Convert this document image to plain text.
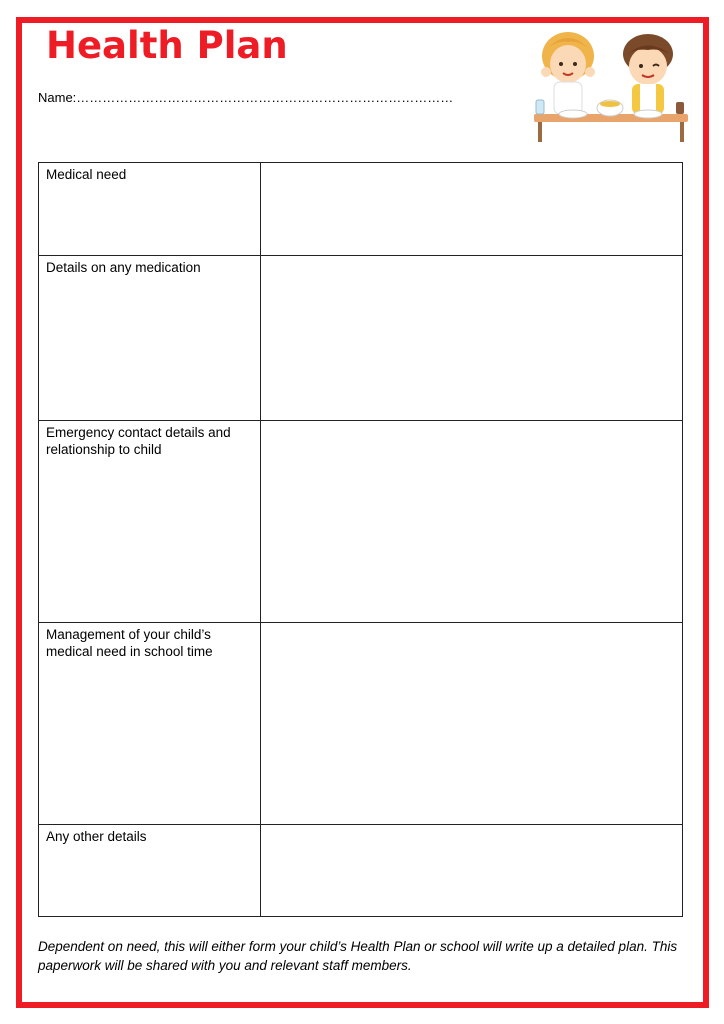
Health Plan
Name:……………………………………………………………………………
Medical need	
Details on any medication	
Emergency contact details and relationship to child	
Management of your child’s medical need in school time	
Any other details	
Dependent on need, this will either form your child’s Health Plan or school will write up a detailed plan. This paperwork will be shared with you and relevant staff members.
